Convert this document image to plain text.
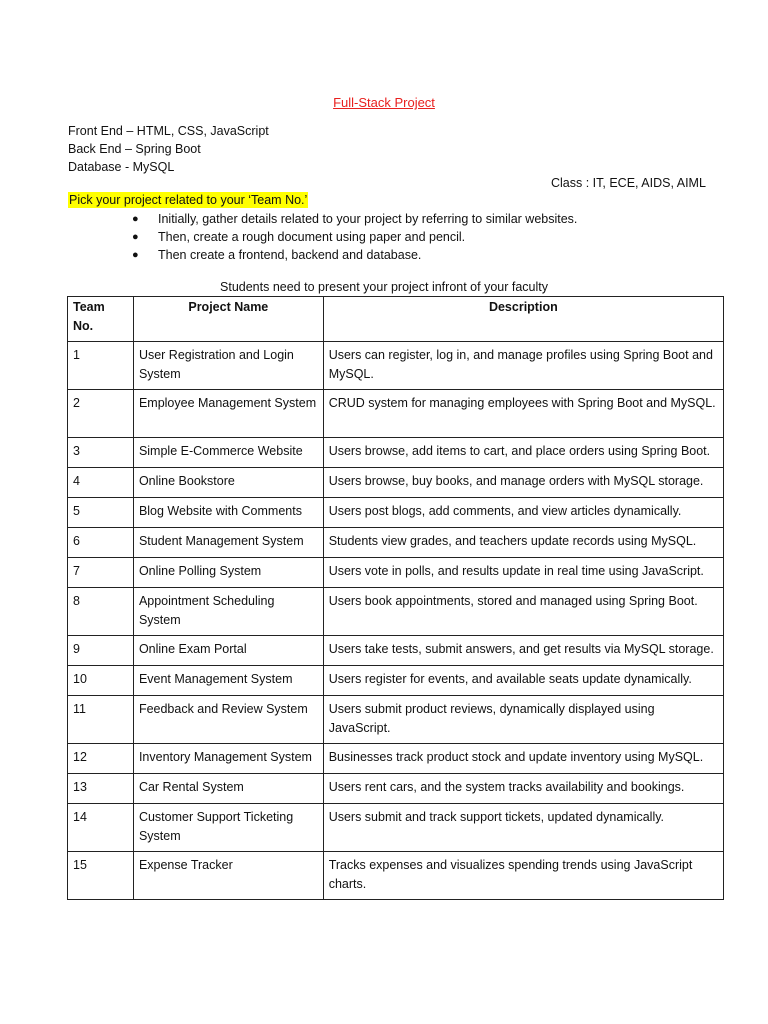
Full-Stack Project
Front End – HTML, CSS, JavaScript
Back End – Spring Boot
Database - MySQL
Class : IT, ECE, AIDS, AIML
Pick your project related to your ‘Team No.’
●	Initially, gather details related to your project by referring to similar websites.
●	Then, create a rough document using paper and pencil.
●	Then create a frontend, backend and database.
Students need to present your project infront of your faculty
Team No.	Project Name	Description
1	User Registration and Login System	Users can register, log in, and manage profiles using Spring Boot and MySQL.
2	Employee Management System	CRUD system for managing employees with Spring Boot and MySQL.
3	Simple E-Commerce Website	Users browse, add items to cart, and place orders using Spring Boot.
4	Online Bookstore	Users browse, buy books, and manage orders with MySQL storage.
5	Blog Website with Comments	Users post blogs, add comments, and view articles dynamically.
6	Student Management System	Students view grades, and teachers update records using MySQL.
7	Online Polling System	Users vote in polls, and results update in real time using JavaScript.
8	Appointment Scheduling System	Users book appointments, stored and managed using Spring Boot.
9	Online Exam Portal	Users take tests, submit answers, and get results via MySQL storage.
10	Event Management System	Users register for events, and available seats update dynamically.
11	Feedback and Review System	Users submit product reviews, dynamically displayed using JavaScript.
12	Inventory Management System	Businesses track product stock and update inventory using MySQL.
13	Car Rental System	Users rent cars, and the system tracks availability and bookings.
14	Customer Support Ticketing System	Users submit and track support tickets, updated dynamically.
15	Expense Tracker	Tracks expenses and visualizes spending trends using JavaScript charts.
